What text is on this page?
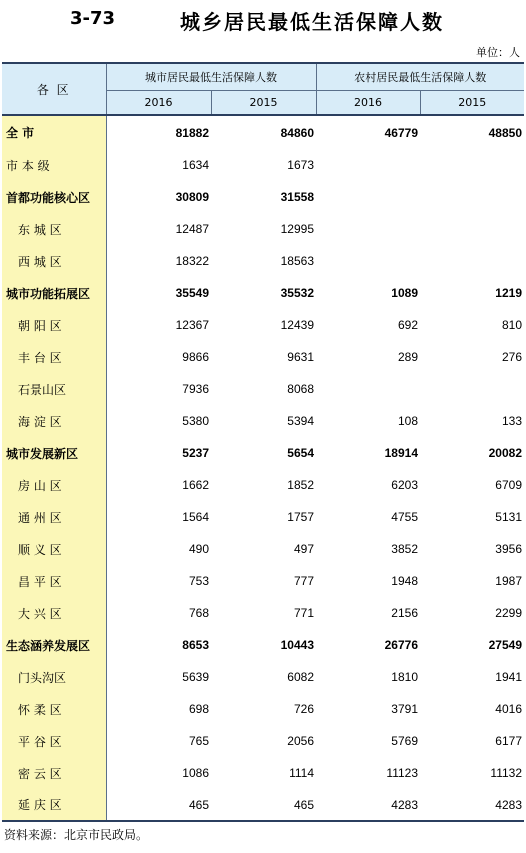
3-73	城乡居民最低生活保障人数
单位：人
各 区	城市居民最低生活保障人数		农村居民最低生活保障人数	
	2016	2015	2016	2015
全 市	81882	84860	46779	48850
市 本 级	1634	1673		
首都功能核心区	30809	31558		
东 城 区	12487	12995		
西 城 区	18322	18563		
城市功能拓展区	35549	35532	1089	1219
朝 阳 区	12367	12439	692	810
丰 台 区	9866	9631	289	276
石景山区	7936	8068		
海 淀 区	5380	5394	108	133
城市发展新区	5237	5654	18914	20082
房 山 区	1662	1852	6203	6709
通 州 区	1564	1757	4755	5131
顺 义 区	490	497	3852	3956
昌 平 区	753	777	1948	1987
大 兴 区	768	771	2156	2299
生态涵养发展区	8653	10443	26776	27549
门头沟区	5639	6082	1810	1941
怀 柔 区	698	726	3791	4016
平 谷 区	765	2056	5769	6177
密 云 区	1086	1114	11123	11132
延 庆 区	465	465	4283	4283
资料来源：北京市民政局。
